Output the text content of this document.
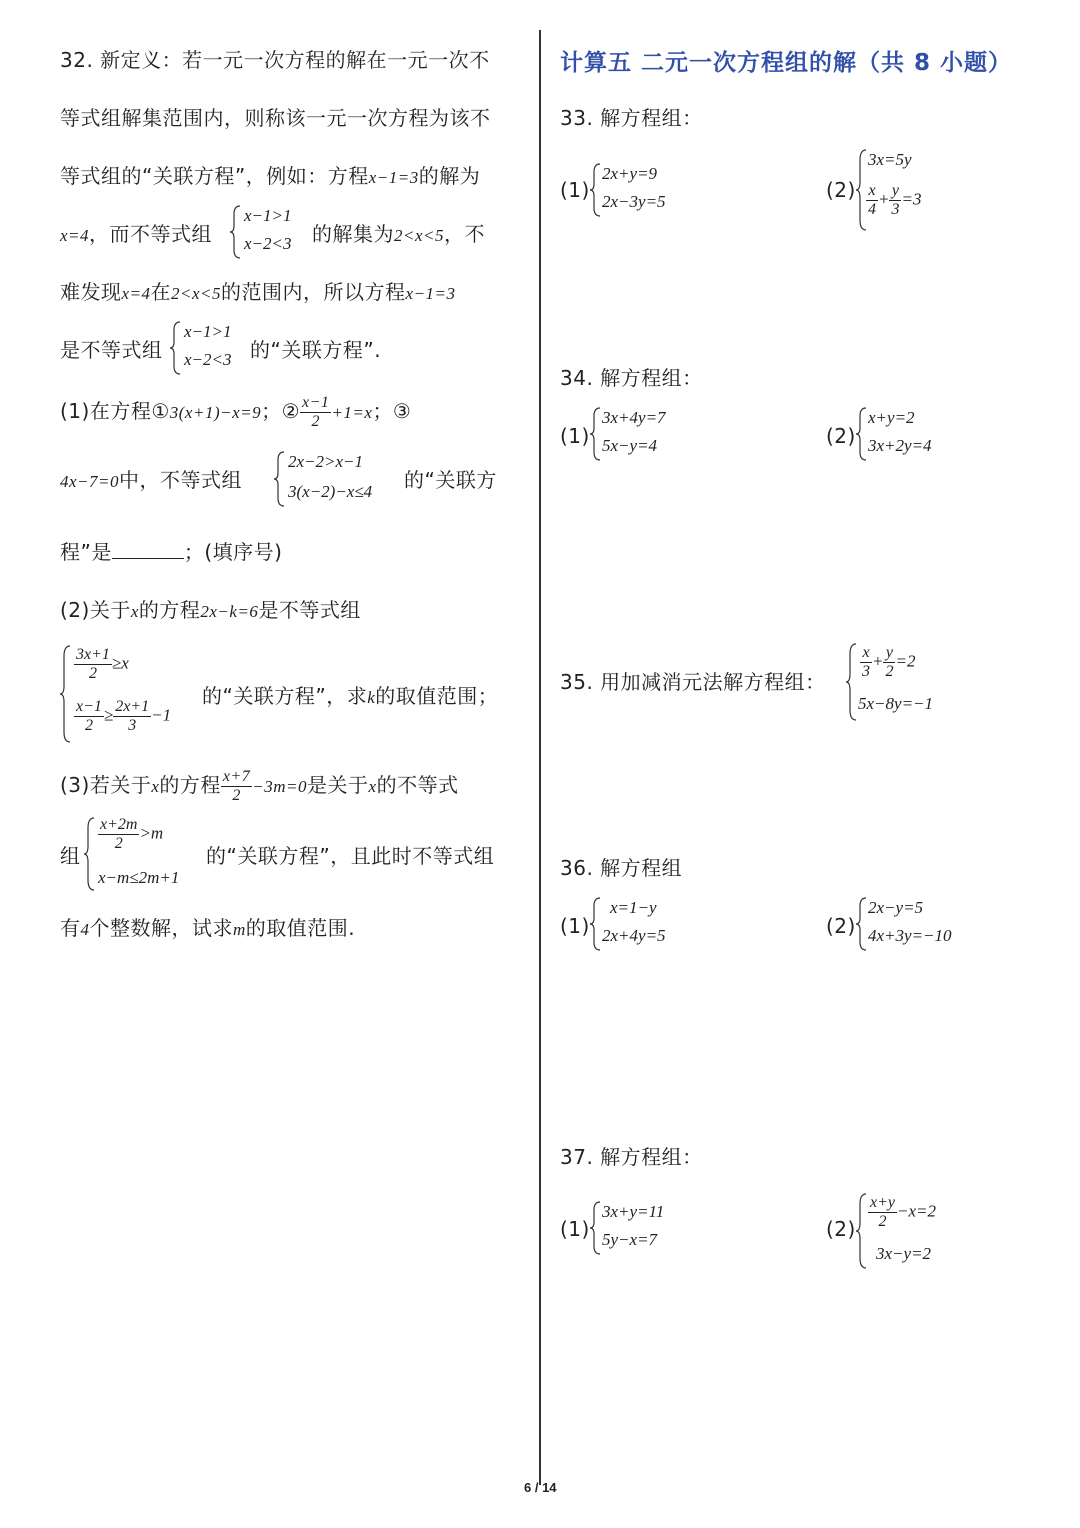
32. 新定义：若一元一次方程的解在一元一次不
等式组解集范围内，则称该一元一次方程为该不
等式组的“关联方程”，例如：方程x−1=3的解为
x=4，而不等式组
x−1>1
x−2<3 的解集为2<x<5，不
难发现x=4在2<x<5的范围内，所以方程x−1=3
是不等式组
x−1>1
x−2<3 的“关联方程”.
(1)在方程①3(x+1)−x=9；② $\frac{x-1}{2} +1=x$；③
4x−7=0中，不等式组
2x−2>x−1
3(x−2)−x≤4 的“关联方
程”是	；(填序号)
(2)关于x的方程2x−k=6是不等式组
$\frac{3x+1}{2} \ge x$
$\frac{x-1}{2} \ge \frac{2x+1}{3} -1$
的“关联方程”，求k的取值范围；
(3)若关于x的方程 $\frac{x+7}{2} -3m=0$是关于x的不等式
组
$\frac{x+2m}{2} >m$
x−m≤2m+1
的“关联方程”，且此时不等式组
有4个整数解，试求m的取值范围.
计算五 二元一次方程组的解（共 8 小题）
33. 解方程组：
(1)
2x+y=9
2x−3y=5	(2)
3x=5y
$\frac{x}{4} + \frac{y}{3} =3$
34. 解方程组：
(1)
3x+4y=7
5x−y=4	(2)
x+y=2
3x+2y=4
35. 用加减消元法解方程组：
$\frac{x}{3} + \frac{y}{2} =2$
5x−8y=−1
36. 解方程组
(1)
x=1−y
2x+4y=5	(2)
2x−y=5
4x+3y=−10
37. 解方程组：
(1)
3x+y=11
5y−x=7	$(2) \frac{x+y}{2} -x=2$
3x−y=2
6 / 14
